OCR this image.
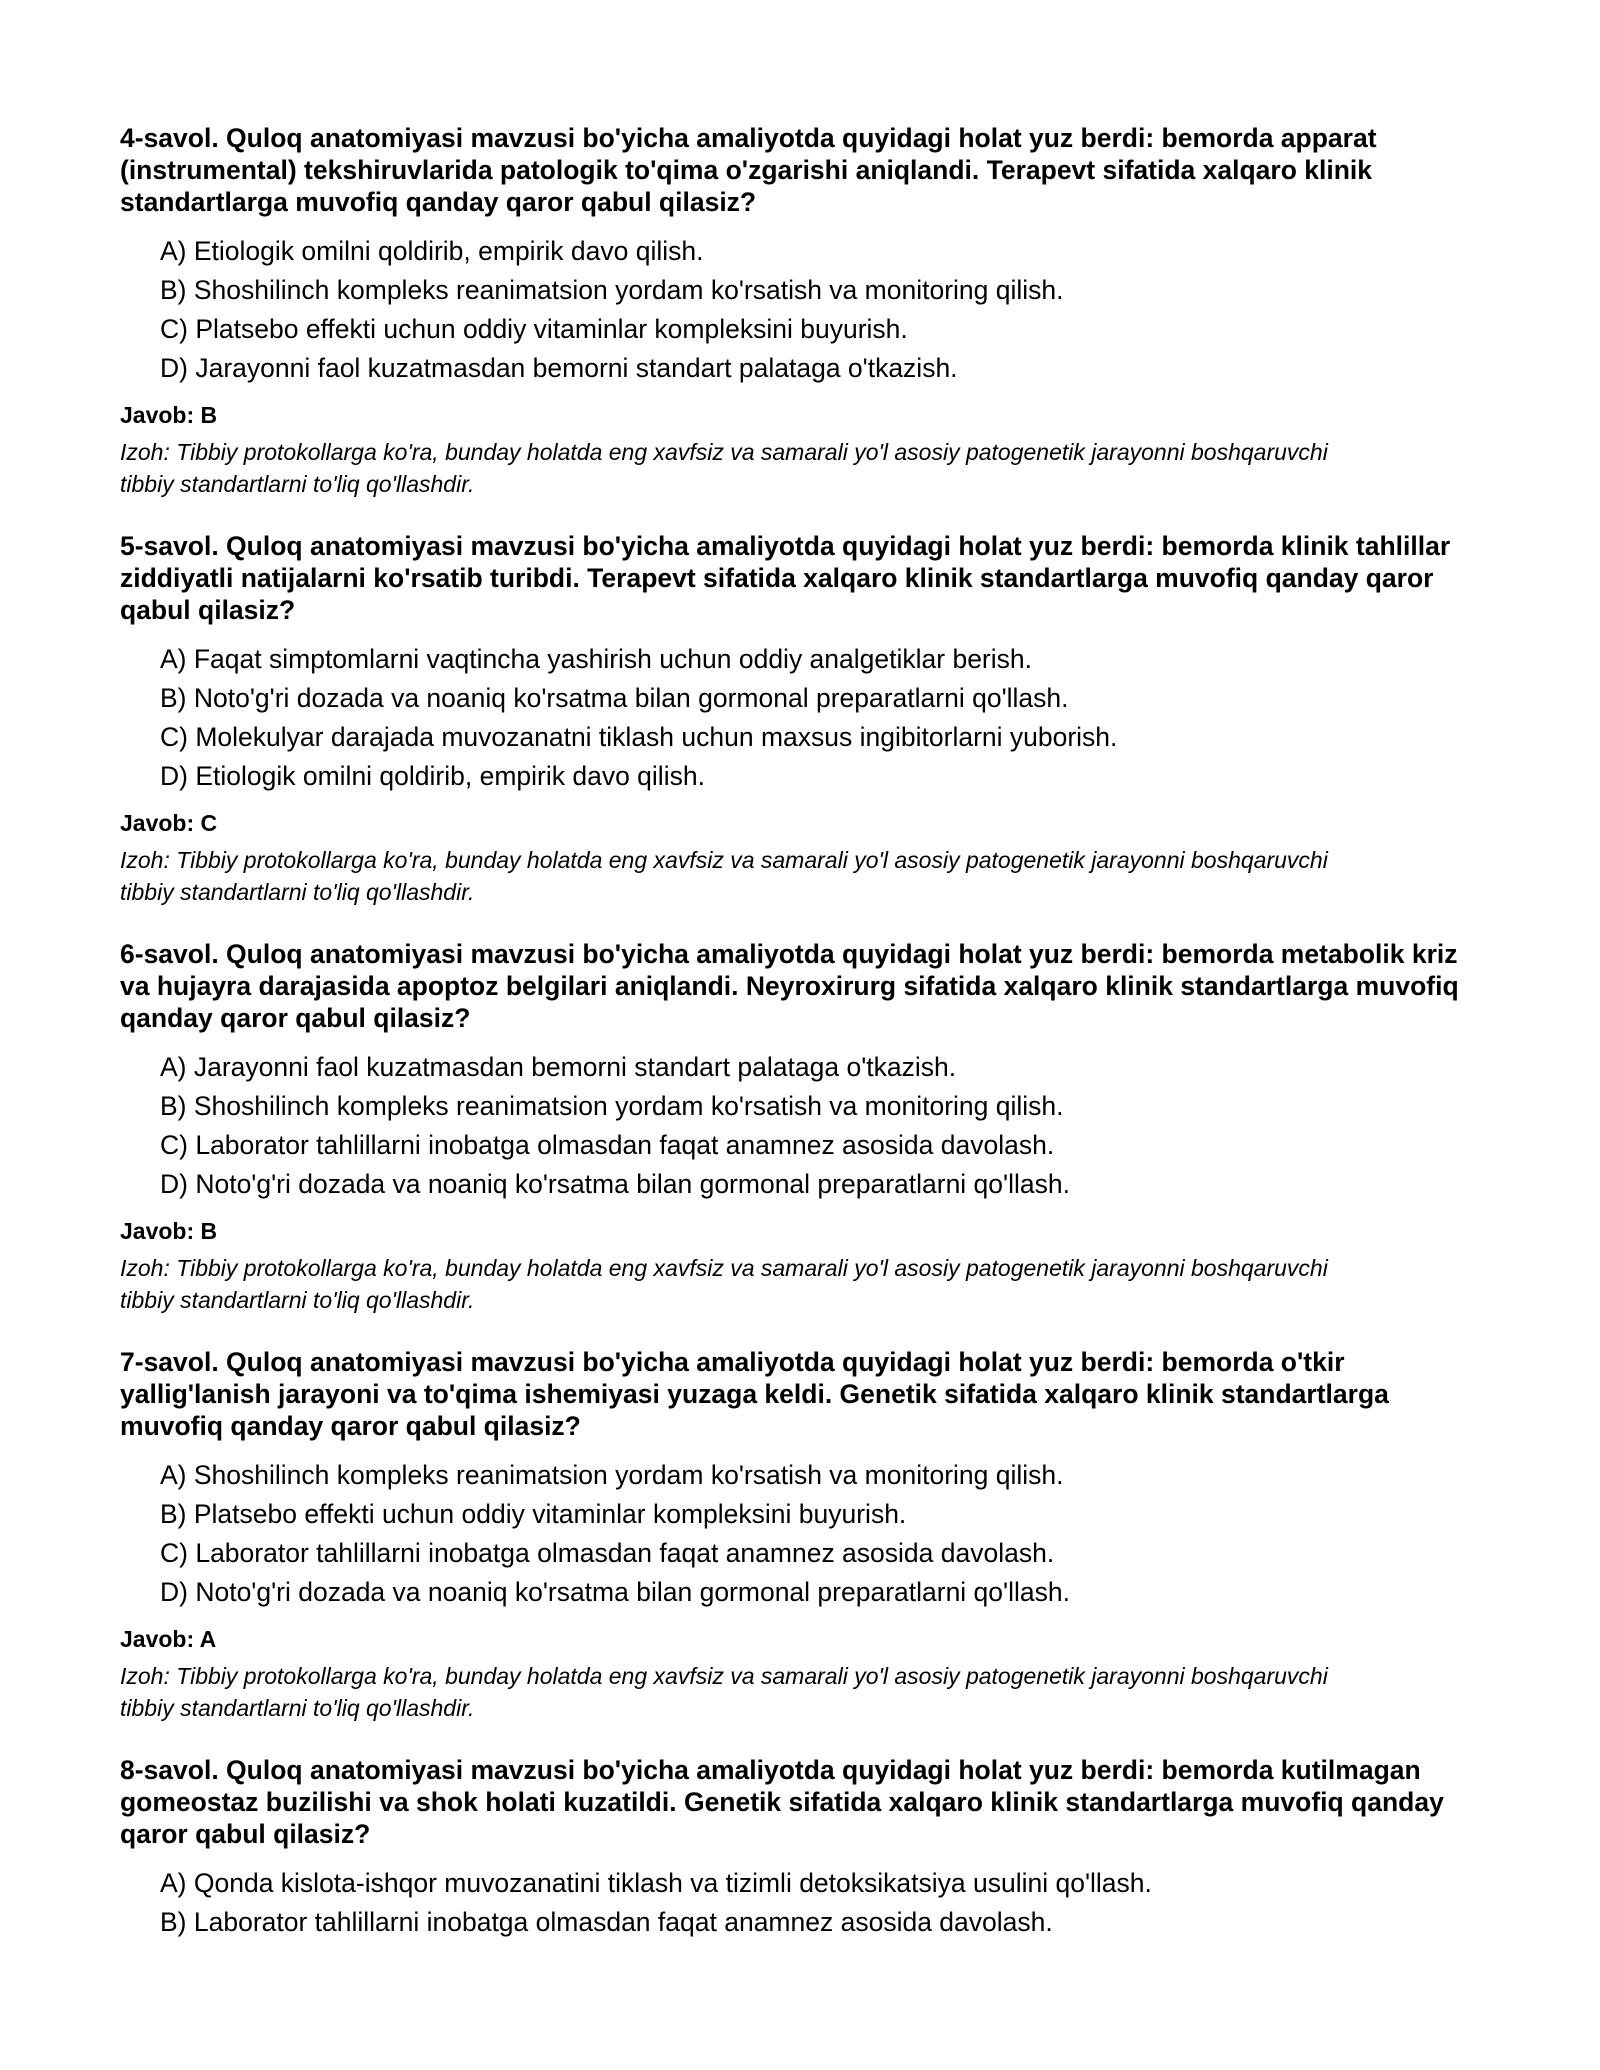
4-savol. Quloq anatomiyasi mavzusi bo'yicha amaliyotda quyidagi holat yuz berdi: bemorda apparat (instrumental) tekshiruvlarida patologik to'qima o'zgarishi aniqlandi. Terapevt sifatida xalqaro klinik standartlarga muvofiq qanday qaror qabul qilasiz?

A) Etiologik omilni qoldirib, empirik davo qilish.
B) Shoshilinch kompleks reanimatsion yordam ko'rsatish va monitoring qilish.
C) Platsebo effekti uchun oddiy vitaminlar kompleksini buyurish.
D) Jarayonni faol kuzatmasdan bemorni standart palataga o'tkazish.
Javob: B
Izoh: Tibbiy protokollarga ko'ra, bunday holatda eng xavfsiz va samarali yo'l asosiy patogenetik jarayonni boshqaruvchi tibbiy standartlarni to'liq qo'llashdir.

5-savol. Quloq anatomiyasi mavzusi bo'yicha amaliyotda quyidagi holat yuz berdi: bemorda klinik tahlillar ziddiyatli natijalarni ko'rsatib turibdi. Terapevt sifatida xalqaro klinik standartlarga muvofiq qanday qaror qabul qilasiz?

A) Faqat simptomlarni vaqtincha yashirish uchun oddiy analgetiklar berish.
B) Noto'g'ri dozada va noaniq ko'rsatma bilan gormonal preparatlarni qo'llash.
C) Molekulyar darajada muvozanatni tiklash uchun maxsus ingibitorlarni yuborish.
D) Etiologik omilni qoldirib, empirik davo qilish.
Javob: C
Izoh: Tibbiy protokollarga ko'ra, bunday holatda eng xavfsiz va samarali yo'l asosiy patogenetik jarayonni boshqaruvchi tibbiy standartlarni to'liq qo'llashdir.

6-savol. Quloq anatomiyasi mavzusi bo'yicha amaliyotda quyidagi holat yuz berdi: bemorda metabolik kriz va hujayra darajasida apoptoz belgilari aniqlandi. Neyroxirurg sifatida xalqaro klinik standartlarga muvofiq qanday qaror qabul qilasiz?

A) Jarayonni faol kuzatmasdan bemorni standart palataga o'tkazish.
B) Shoshilinch kompleks reanimatsion yordam ko'rsatish va monitoring qilish.
C) Laborator tahlillarni inobatga olmasdan faqat anamnez asosida davolash.
D) Noto'g'ri dozada va noaniq ko'rsatma bilan gormonal preparatlarni qo'llash.
Javob: B
Izoh: Tibbiy protokollarga ko'ra, bunday holatda eng xavfsiz va samarali yo'l asosiy patogenetik jarayonni boshqaruvchi tibbiy standartlarni to'liq qo'llashdir.

7-savol. Quloq anatomiyasi mavzusi bo'yicha amaliyotda quyidagi holat yuz berdi: bemorda o'tkir yallig'lanish jarayoni va to'qima ishemiyasi yuzaga keldi. Genetik sifatida xalqaro klinik standartlarga muvofiq qanday qaror qabul qilasiz?

A) Shoshilinch kompleks reanimatsion yordam ko'rsatish va monitoring qilish.
B) Platsebo effekti uchun oddiy vitaminlar kompleksini buyurish.
C) Laborator tahlillarni inobatga olmasdan faqat anamnez asosida davolash.
D) Noto'g'ri dozada va noaniq ko'rsatma bilan gormonal preparatlarni qo'llash.
Javob: A
Izoh: Tibbiy protokollarga ko'ra, bunday holatda eng xavfsiz va samarali yo'l asosiy patogenetik jarayonni boshqaruvchi tibbiy standartlarni to'liq qo'llashdir.

8-savol. Quloq anatomiyasi mavzusi bo'yicha amaliyotda quyidagi holat yuz berdi: bemorda kutilmagan gomeostaz buzilishi va shok holati kuzatildi. Genetik sifatida xalqaro klinik standartlarga muvofiq qanday qaror qabul qilasiz?

A) Qonda kislota-ishqor muvozanatini tiklash va tizimli detoksikatsiya usulini qo'llash.
B) Laborator tahlillarni inobatga olmasdan faqat anamnez asosida davolash.
